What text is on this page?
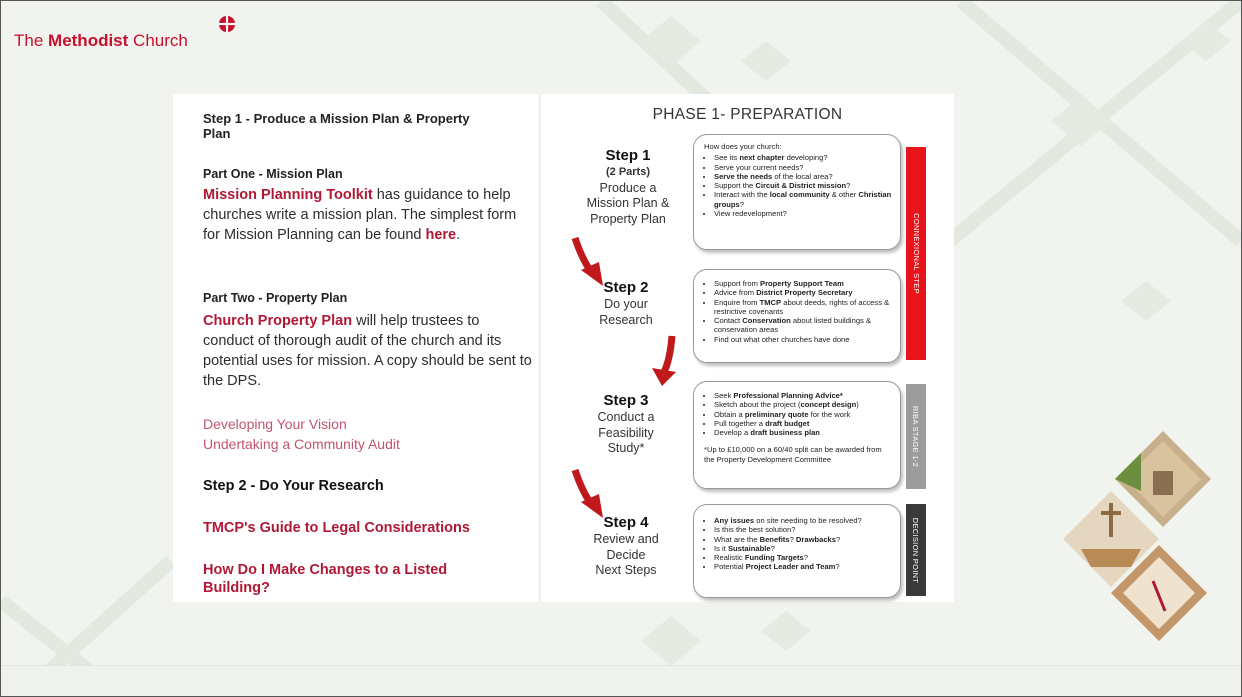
The Methodist Church
Step 1 - Produce a Mission Plan & Property Plan
Part One - Mission Plan
Mission Planning Toolkit has guidance to help churches write a mission plan. The simplest form for Mission Planning can be found here.
Part Two - Property Plan
Church Property Plan will help trustees to conduct of thorough audit of the church and its potential uses for mission. A copy should be sent to the DPS.
Developing Your Vision
Undertaking a Community Audit
Step 2 - Do Your Research
TMCP's Guide to Legal Considerations
How Do I Make Changes to a Listed Building?
PHASE 1- PREPARATION
Step 1
(2 Parts)
Produce a
Mission Plan &
Property Plan
Step 2
Do your
Research
Step 3
Conduct a
Feasibility
Study*
Step 4
Review and
Decide
Next Steps
How does your church:
• See its next chapter developing?
• Serve your current needs?
• Serve the needs of the local area?
• Support the Circuit & District mission?
• Interact with the local community & other Christian groups?
• View redevelopment?
• Support from Property Support Team
• Advice from District Property Secretary
• Enquire from TMCP about deeds, rights of access & restrictive covenants
• Contact Conservation about listed buildings & conservation areas
• Find out what other churches have done
• Seek Professional Planning Advice*
• Sketch about the project (concept design)
• Obtain a preliminary quote for the work
• Pull together a draft budget
• Develop a draft business plan
*Up to £10,000 on a 60/40 split can be awarded from the Property Development Committee
• Any issues on site needing to be resolved?
• Is this the best solution?
• What are the Benefits? Drawbacks?
• Is it Sustainable?
• Realistic Funding Targets?
• Potential Project Leader and Team?
CONNEXIONAL STEP
RIBA STAGE 1-2
DECISION POINT
